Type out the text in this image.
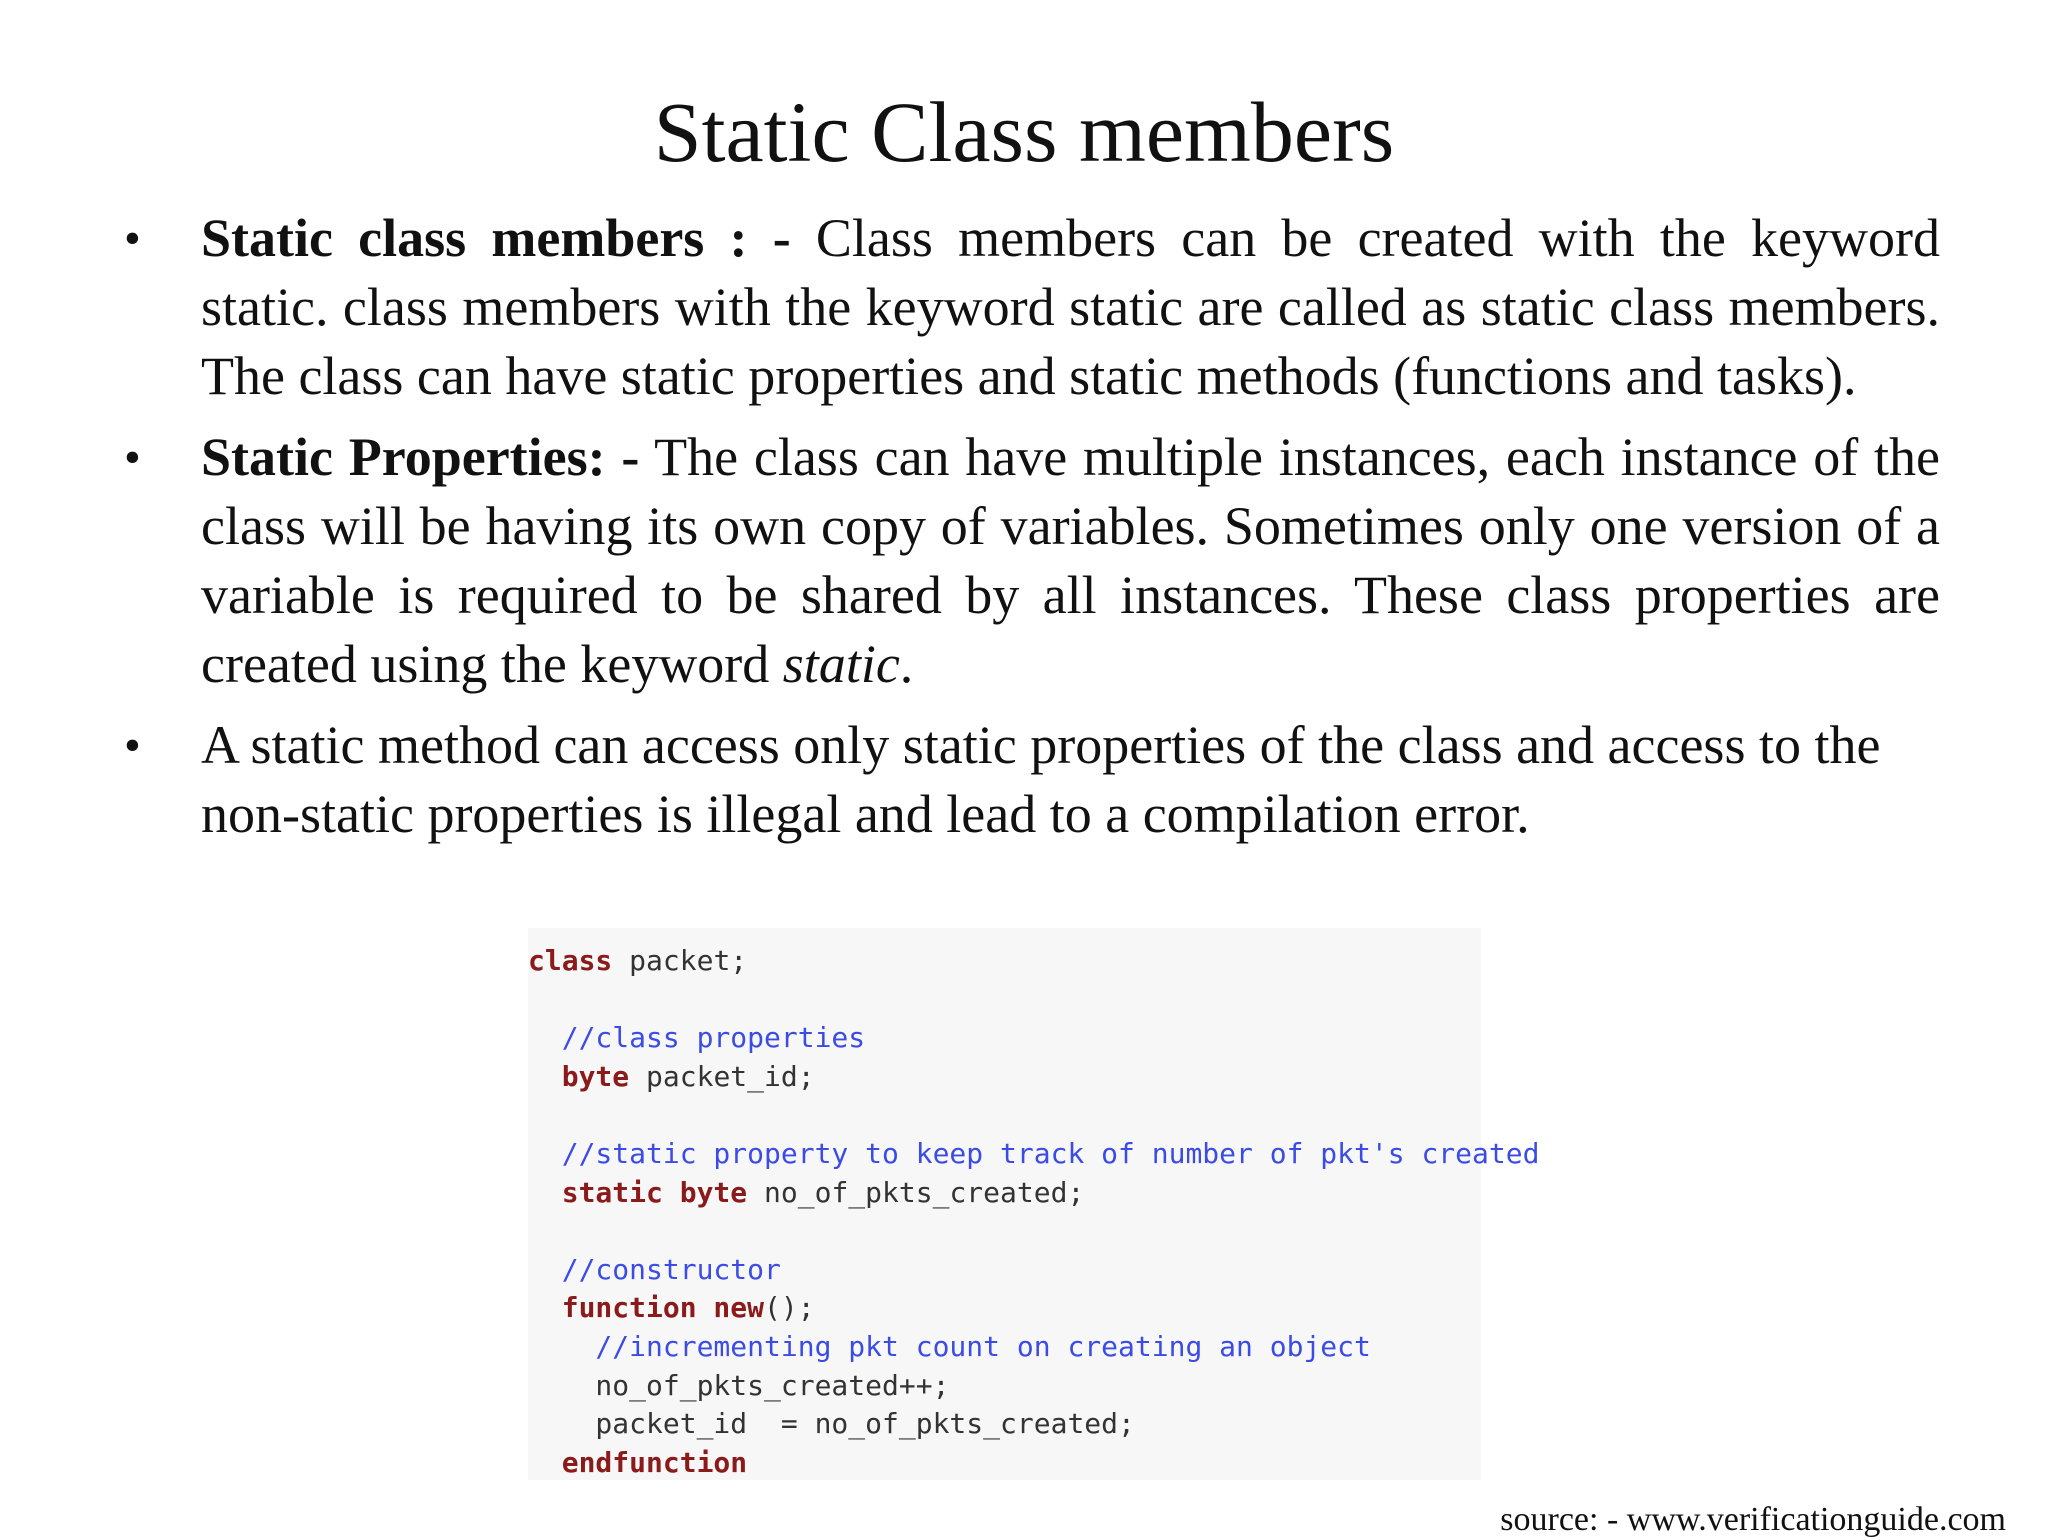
Static Class members
• Static class members : - Class members can be created with the keyword static. class members with the keyword static are called as static class members. The class can have static properties and static methods (functions and tasks).
• Static Properties: - The class can have multiple instances, each instance of the class will be having its own copy of variables. Sometimes only one version of a variable is required to be shared by all instances. These class properties are created using the keyword static.
• A static method can access only static properties of the class and access to the non-static properties is illegal and lead to a compilation error.
class packet;
//class properties
byte packet_id;
//static property to keep track of number of pkt's created
static byte no_of_pkts_created;
//constructor
function new();
//incrementing pkt count on creating an object
no_of_pkts_created++;
packet_id  = no_of_pkts_created;
endfunction
source: - www.verificationguide.com
